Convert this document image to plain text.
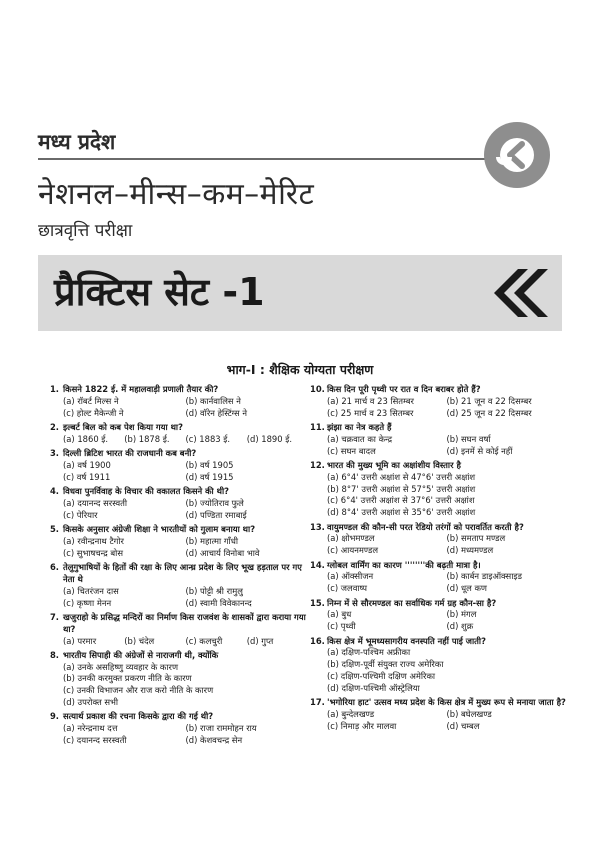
मध्य प्रदेश
नेशनल–मीन्स–कम–मेरिट
छात्रवृत्ति परीक्षा
प्रैक्टिस सेट -1
भाग-I : शैक्षिक योग्यता परीक्षण
1. किसने 1822 ई. में महालवाड़ी प्रणाली तैयार की?
(a) रॉबर्ट मिल्स ने	(b) कार्नवालिस ने
(c) होल्ट मैकेन्जी ने	(d) वॉरेन हेस्टिंग्स ने
2. इल्बर्ट बिल को कब पेश किया गया था?
(a) 1860 ई.	(b) 1878 ई.	(c) 1883 ई.	(d) 1890 ई.
3. दिल्ली ब्रिटिश भारत की राजधानी कब बनी?
(a) वर्ष 1900	(b) वर्ष 1905
(c) वर्ष 1911	(d) वर्ष 1915
4. विधवा पुनर्विवाह के विचार की वकालत किसने की थी?
(a) दयानन्द सरस्वती	(b) ज्योतिराव फुले
(c) पेरियार	(d) पण्डिता रमाबाई
5. किसके अनुसार अंग्रेजी शिक्षा ने भारतीयों को गुलाम बनाया था?
(a) रवीन्द्रनाथ टैगोर	(b) महात्मा गाँधी
(c) सुभाषचन्द्र बोस	(d) आचार्य विनोबा भावे
6. तेलुगुभाषियों के हितों की रक्षा के लिए आन्ध्र प्रदेश के लिए भूख हड़ताल पर गए नेता थे
(a) चितरंजन दास	(b) पोट्टी श्री रामुलु
(c) कृष्णा मेनन	(d) स्वामी विवेकानन्द
7. खजुराहो के प्रसिद्ध मन्दिरों का निर्माण किस राजवंश के शासकों द्वारा कराया गया था?
(a) परमार	(b) चंदेल	(c) कलचुरी	(d) गुप्त
8. भारतीय सिपाही की अंग्रेजों से नाराजगी थी, क्योंकि
(a) उनके असहिष्णु व्यवहार के कारण
(b) उनकी करमुक्त प्रकरण नीति के कारण
(c) उनकी विभाजन और राज करो नीति के कारण
(d) उपरोक्त सभी
9. सत्यार्थ प्रकाश की रचना किसके द्वारा की गई थी?
(a) नरेन्द्रनाथ दत्त	(b) राजा राममोहन राय
(c) दयानन्द सरस्वती	(d) केशवचन्द्र सेन
10. किस दिन पूरी पृथ्वी पर रात व दिन बराबर होते हैं?
(a) 21 मार्च व 23 सितम्बर	(b) 21 जून व 22 दिसम्बर
(c) 25 मार्च व 23 सितम्बर	(d) 25 जून व 22 दिसम्बर
11. झंझा का नेत्र कहते हैं
(a) चक्रवात का केन्द्र	(b) सघन वर्षा
(c) सघन बादल	(d) इनमें से कोई नहीं
12. भारत की मुख्य भूमि का अक्षांशीय विस्तार है
(a) 6°4' उत्तरी अक्षांश से 47°6' उत्तरी अक्षांश
(b) 8°7' उत्तरी अक्षांश से 57°5' उत्तरी अक्षांश
(c) 6°4' उत्तरी अक्षांश से 37°6' उत्तरी अक्षांश
(d) 8°4' उत्तरी अक्षांश से 35°6' उत्तरी अक्षांश
13. वायुमण्डल की कौन-सी परत रेडियो तरंगों को परावर्तित करती है?
(a) क्षोभमण्डल	(b) समताप मण्डल
(c) आयनमण्डल	(d) मध्यमण्डल
14. ग्लोबल वार्मिंग का कारण ''''''''की बढ़ती मात्रा है।
(a) ऑक्सीजन	(b) कार्बन डाइऑक्साइड
(c) जलवाष्प	(d) धूल कण
15. निम्न में से सौरमण्डल का सर्वाधिक गर्म ग्रह कौन-सा है?
(a) बुध	(b) मंगल
(c) पृथ्वी	(d) शुक्र
16. किस क्षेत्र में भूमध्यसागरीय वनस्पति नहीं पाई जाती?
(a) दक्षिण-पश्चिम अफ्रीका
(b) दक्षिण-पूर्वी संयुक्त राज्य अमेरिका
(c) दक्षिण-पश्चिमी दक्षिण अमेरिका
(d) दक्षिण-पश्चिमी ऑस्ट्रेलिया
17. 'भगोरिया हाट' उत्सव मध्य प्रदेश के किस क्षेत्र में मुख्य रूप से मनाया जाता है?
(a) बुन्देलखण्ड	(b) बघेलखण्ड
(c) निमाड़ और मालवा	(d) चम्बल
